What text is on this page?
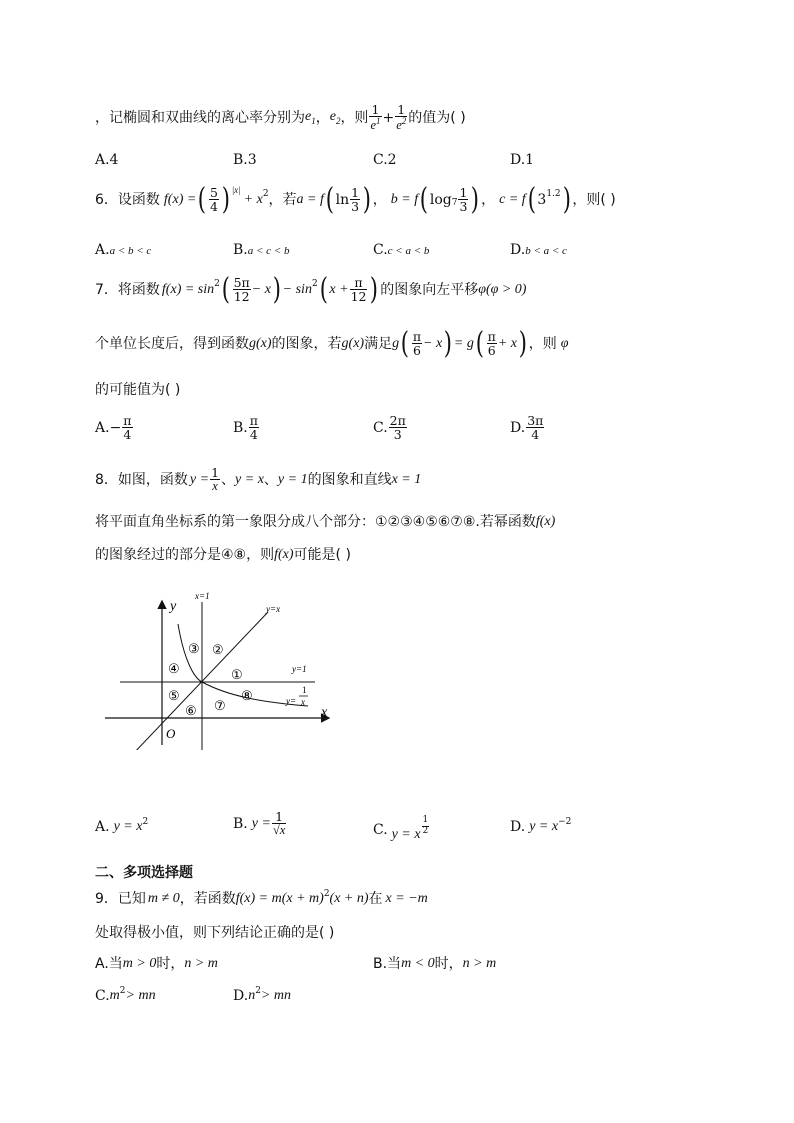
，记椭圆和双曲线的离心率分别为 $e_1$ ， $e_2$ ，则 $\frac{1}{e^1} + \frac{1}{e^2}$ 的值为( )
A.4	B.3	C.2	D.1
6．设函数 f(x) = ( $\frac{5}{4} )^{|x|}$
+ $x^2$ ，若 a = f ( $\ln \frac{1}{3}$ ) ， b = f ( $\log_7 \frac{1}{3}$ ) ， c = f ( $3^{1.2}$ ) ，则( )
A.a < b < c	B.a < c < b	C.c < a < b	D.b < a < c
7．将函数 $f(x) = \sin^2$ ( $\frac{5\pi}{12} - x$ ) − $\sin^2$ ( $x + \frac{\pi}{12}$ ) 的图象向左平移 φ(φ > 0)
个单位长度后，得到函数 g(x) 的图象，若 g(x) 满足 g ( $\frac{\pi}{6} - x$ ) = g ( $\frac{\pi}{6} + x$ ) ，则 φ
的可能值为( )
A. − $\frac{\pi}{4}$	B. $\frac{\pi}{4}$	C. $\frac{2\pi}{3}$	D. $\frac{3\pi}{4}$
8．如图，函数 $y = \frac{1}{x}$ 、 y = x 、 y = 1 的图象和直线 x = 1
将平面直角坐标系的第一象限分成八个部分：①②③④⑤⑥⑦⑧.若幂函数 f(x)
的图象经过的部分是④⑧，则 f(x) 可能是( )
y
x
O
x=1
y=x
y=1
y=
1
x
①
②
③
④
⑤
⑥ ⑦
⑧
A. $y = x^2$	B. $y = \frac{1}{√x}$	C. y = x $\frac{1}{2}$	D. $y = x^{-2}$
二、多项选择题
9．已知 m ≠ 0 ，若函数 $f(x) = m(x + m)^2$ (x + n) 在 x = −m
处取得极小值，则下列结论正确的是( )
A.当 m > 0 时， n > m	B.当 m < 0 时， n > m
C. $m^2$ > mn	D. $n^2$ > mn
